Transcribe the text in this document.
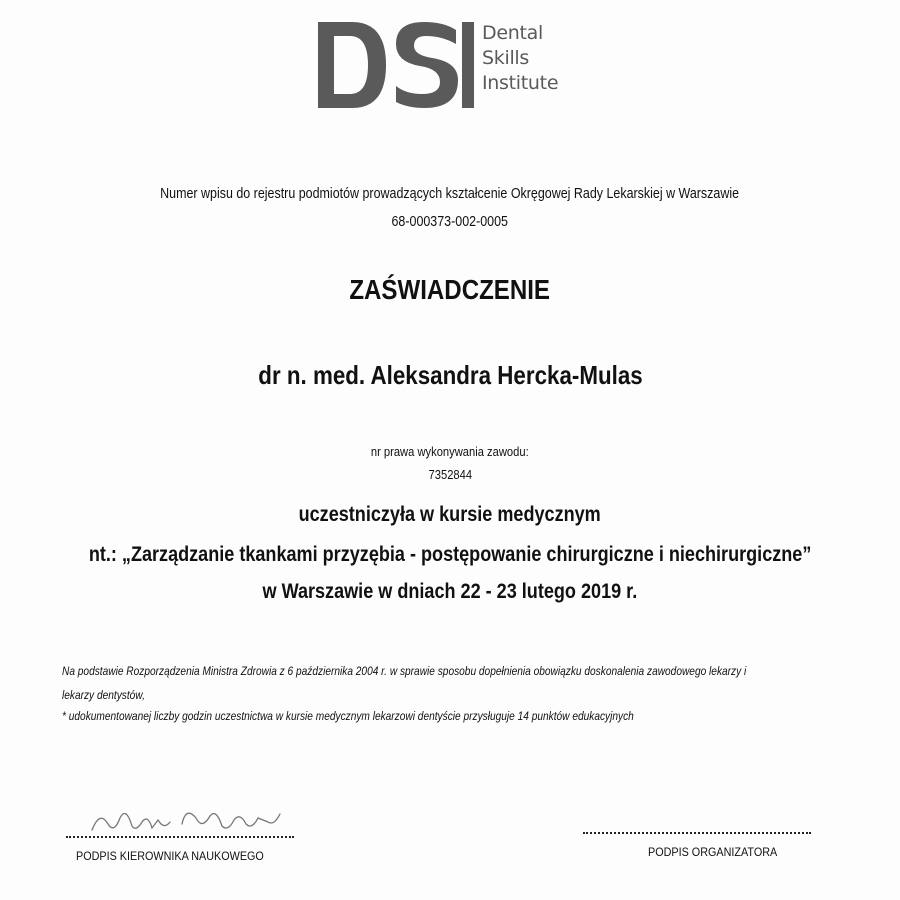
Dental
Skills
Institute
Numer wpisu do rejestru podmiotów prowadzących kształcenie Okręgowej Rady Lekarskiej w Warszawie
68-000373-002-0005
ZAŚWIADCZENIE
dr n. med. Aleksandra Hercka-Mulas
nr prawa wykonywania zawodu:
7352844
uczestniczyła w kursie medycznym
nt.: „Zarządzanie tkankami przyzębia - postępowanie chirurgiczne i niechirurgiczne”
w Warszawie w dniach 22 - 23 lutego 2019 r.
Na podstawie Rozporządzenia Ministra Zdrowia z 6 października 2004 r. w sprawie sposobu dopełnienia obowiązku doskonalenia zawodowego lekarzy i
lekarzy dentystów,
* udokumentowanej liczby godzin uczestnictwa w kursie medycznym lekarzowi dentyście przysługuje 14 punktów edukacyjnych
PODPIS KIEROWNIKA NAUKOWEGO	PODPIS ORGANIZATORA
